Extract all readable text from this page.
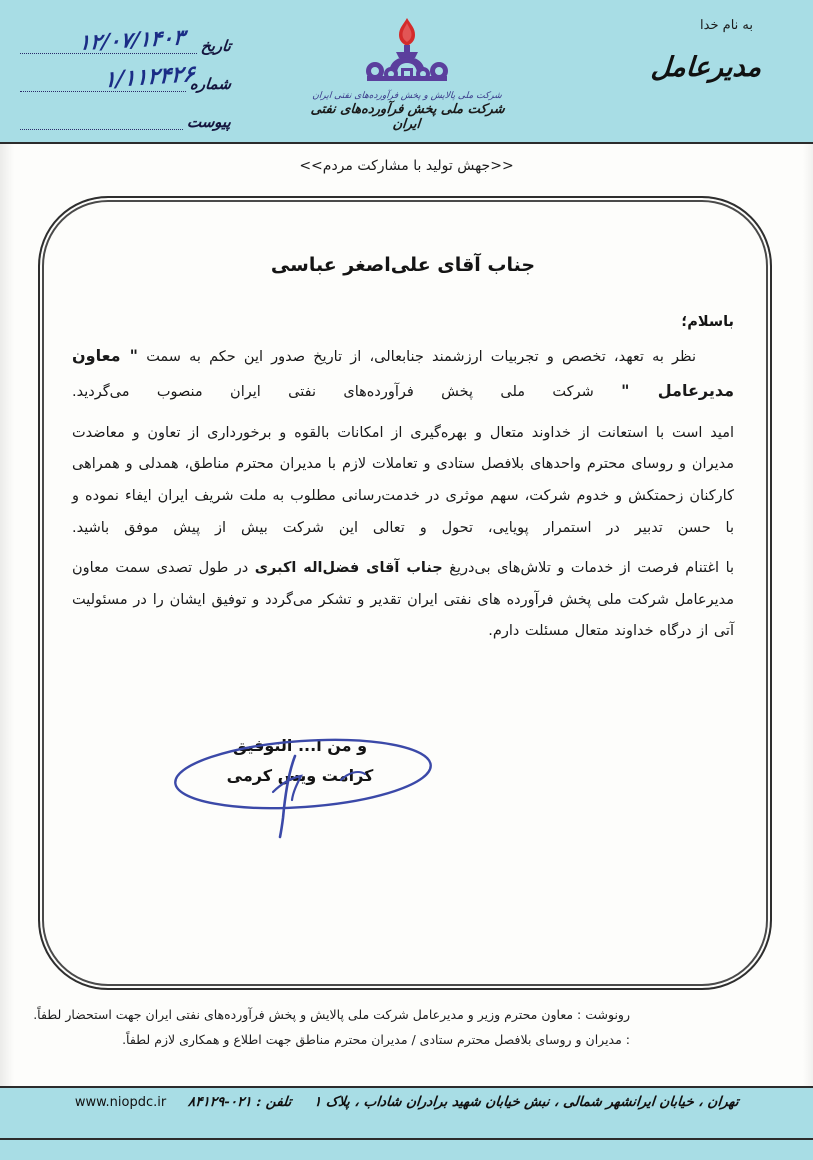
به نام خدا
مدیرعامل
شرکت ملی پالایش و پخش فرآورده‌های نفتی ایران
شرکت ملی پخش فرآورده‌های نفتی ایران
تاریخ
۱۲/۰۷/۱۴۰۳
شماره
۱/۱۱۲۴۲۶
پیوست
<<جهش تولید با مشارکت مردم>>
جناب آقای علی‌اصغر عباسی
باسلام؛

نظر به تعهد، تخصص و تجربیات ارزشمند جنابعالی، از تاریخ صدور این حکم به سمت " معاون مدیرعامل " شرکت ملی پخش فرآورده‌های نفتی ایران منصوب می‌گردید.

امید است با استعانت از خداوند متعال و بهره‌گیری از امکانات بالقوه و برخورداری از تعاون و معاضدت مدیران و روسای محترم واحدهای بلافصل ستادی و تعاملات لازم با مدیران محترم مناطق، همدلی و همراهی کارکنان زحمتکش و خدوم شرکت، سهم موثری در خدمت‌رسانی مطلوب به ملت شریف ایران ایفاء نموده و با حسن تدبیر در استمرار پویایی، تحول و تعالی این شرکت بیش از پیش موفق باشید.

با اغتنام فرصت از خدمات و تلاش‌های بی‌دریغ جناب آقای فضل‌اله اکبری در طول تصدی سمت معاون مدیرعامل شرکت ملی پخش فرآورده های نفتی ایران تقدیر و تشکر می‌گردد و توفیق ایشان را در مسئولیت آتی از درگاه خداوند متعال مسئلت دارم.

و من ا... التوفیق
کرامت ویس کرمی
رونوشت : معاون محترم وزیر و مدیرعامل شرکت ملی پالایش و پخش فرآورده‌های نفتی ایران جهت استحضار لطفاً.
: مدیران و روسای بلافصل محترم ستادی / مدیران محترم مناطق جهت اطلاع و همکاری لازم لطفاً.
تهران ، خیابان ایرانشهر شمالی ، نبش خیابان شهید برادران شاداب ، پلاک ۱
تلفن : ۰۲۱-۸۴۱۲۹
www.niopdc.ir
